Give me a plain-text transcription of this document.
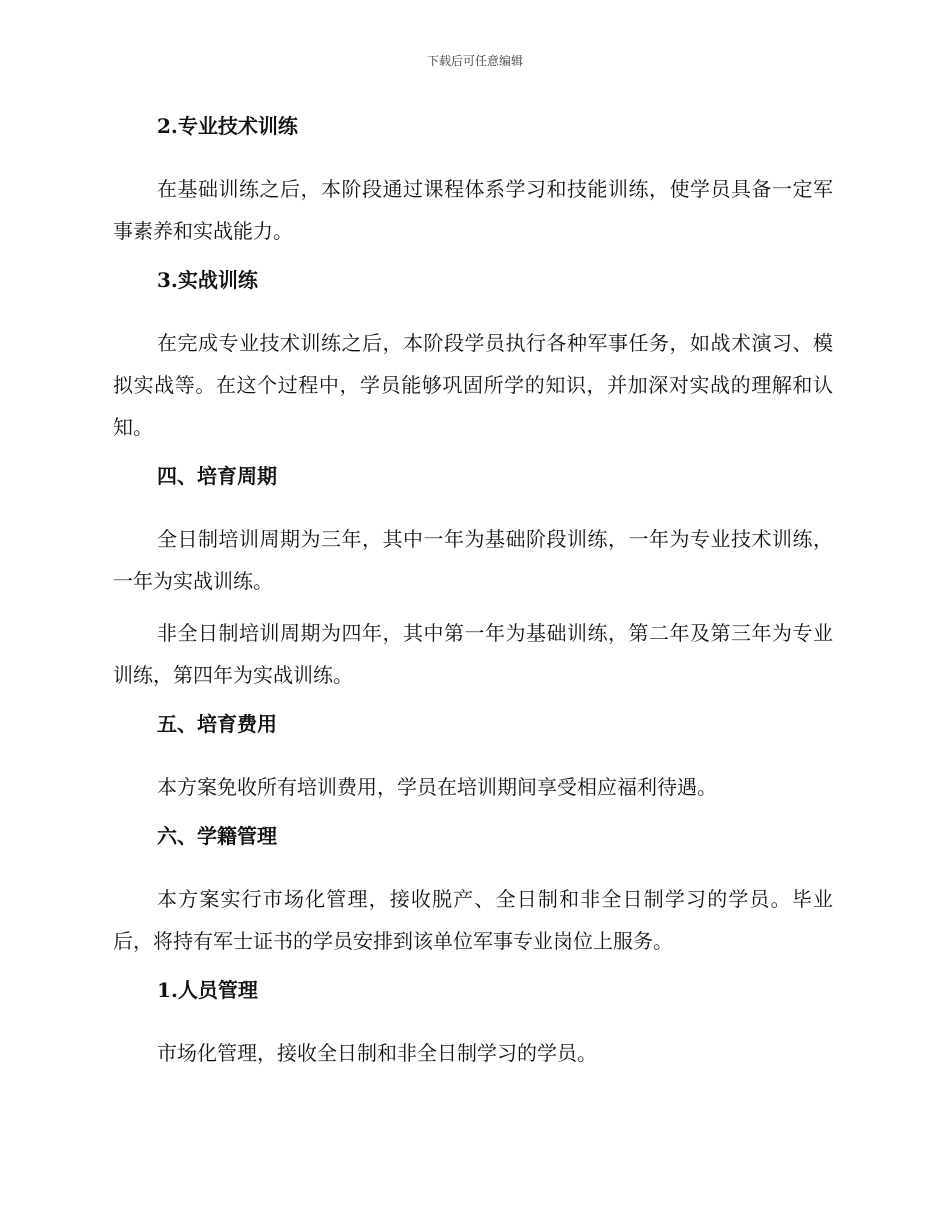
下载后可任意编辑
2.专业技术训练

在基础训练之后，本阶段通过课程体系学习和技能训练，使学员具备一定军事素养和实战能力。

3.实战训练

在完成专业技术训练之后，本阶段学员执行各种军事任务，如战术演习、模拟实战等。在这个过程中，学员能够巩固所学的知识，并加深对实战的理解和认知。

四、培育周期

全日制培训周期为三年，其中一年为基础阶段训练，一年为专业技术训练，一年为实战训练。

非全日制培训周期为四年，其中第一年为基础训练，第二年及第三年为专业训练，第四年为实战训练。

五、培育费用

本方案免收所有培训费用，学员在培训期间享受相应福利待遇。

六、学籍管理

本方案实行市场化管理，接收脱产、全日制和非全日制学习的学员。毕业后，将持有军士证书的学员安排到该单位军事专业岗位上服务。

1.人员管理

市场化管理，接收全日制和非全日制学习的学员。
